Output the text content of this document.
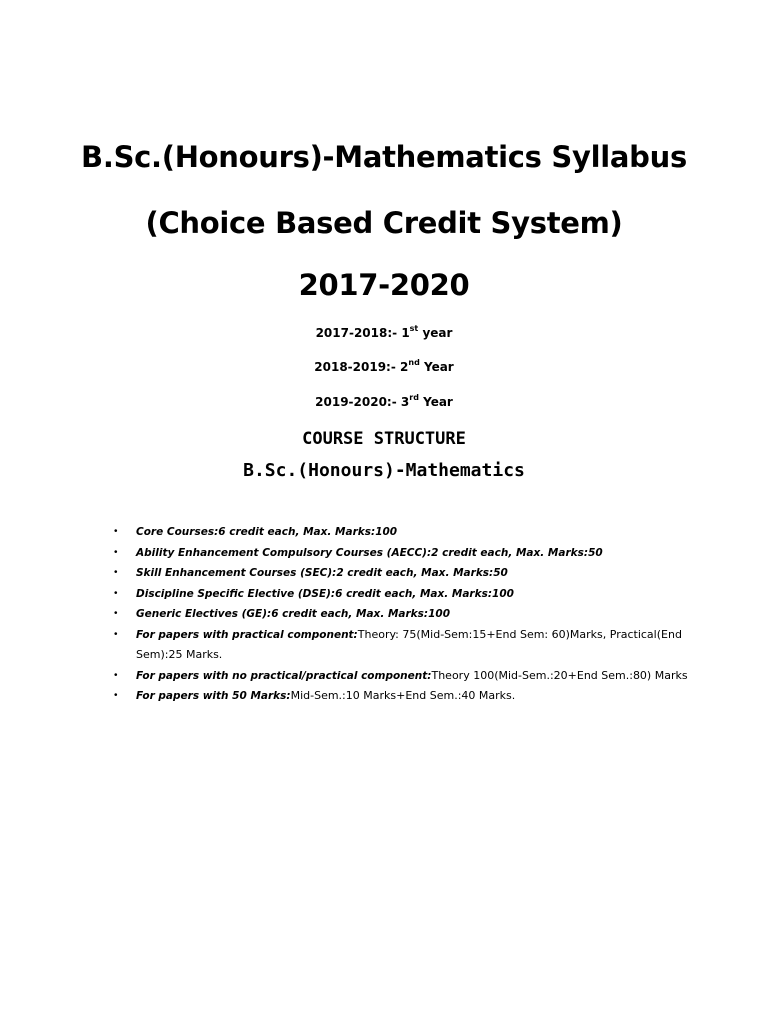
B.Sc.(Honours)-Mathematics Syllabus
(Choice Based Credit System)
2017-2020
2017-2018:- 1st year
2018-2019:- 2nd Year
2019-2020:- 3rd Year
COURSE STRUCTURE
B.Sc.(Honours)-Mathematics
• Core Courses:6 credit each, Max. Marks:100
• Ability Enhancement Compulsory Courses (AECC):2 credit each, Max. Marks:50
• Skill Enhancement Courses (SEC):2 credit each, Max. Marks:50
• Discipline Specific Elective (DSE):6 credit each, Max. Marks:100
• Generic Electives (GE):6 credit each, Max. Marks:100
• For papers with practical component:Theory: 75(Mid-Sem:15+End Sem: 60)Marks, Practical(End Sem):25 Marks.
• For papers with no practical/practical component:Theory 100(Mid-Sem.:20+End Sem.:80) Marks
• For papers with 50 Marks:Mid-Sem.:10 Marks+End Sem.:40 Marks.
